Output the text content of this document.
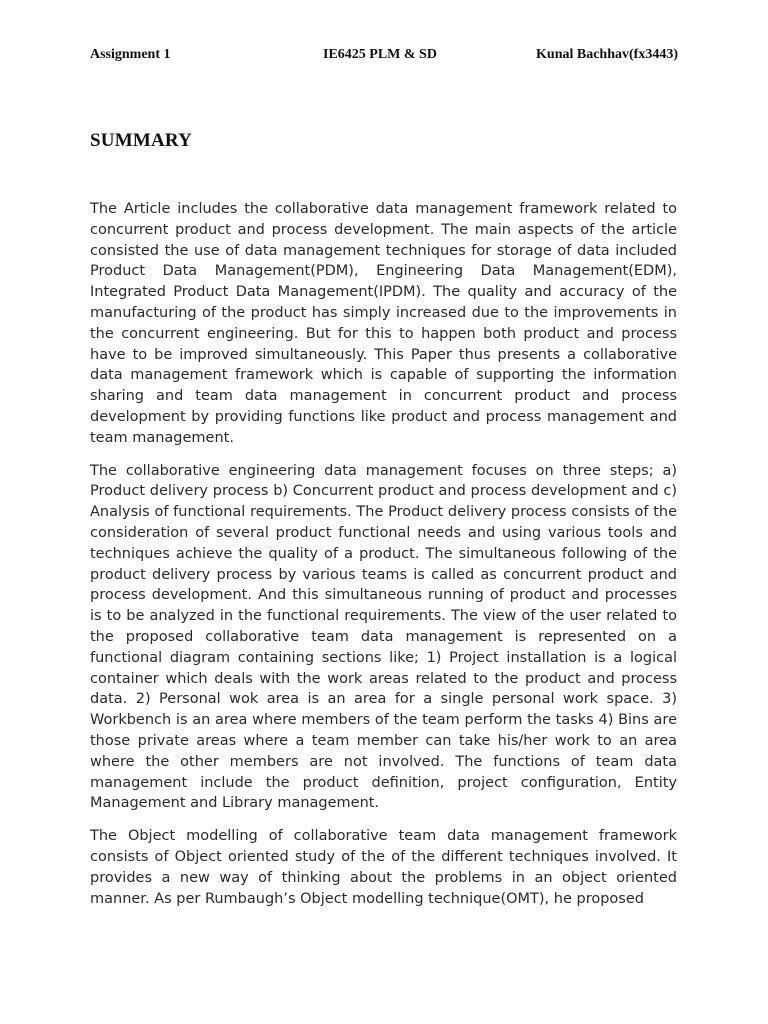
Assignment 1	IE6425 PLM & SD	Kunal Bachhav(fx3443)
SUMMARY

The Article includes the collaborative data management framework related to concurrent product and process development. The main aspects of the article consisted the use of data management techniques for storage of data included Product Data Management(PDM), Engineering Data Management(EDM), Integrated Product Data Management(IPDM). The quality and accuracy of the manufacturing of the product has simply increased due to the improvements in the concurrent engineering. But for this to happen both product and process have to be improved simultaneously. This Paper thus presents a collaborative data management framework which is capable of supporting the information sharing and team data management in concurrent product and process development by providing functions like product and process management and team management.

The collaborative engineering data management focuses on three steps; a) Product delivery process b) Concurrent product and process development and c) Analysis of functional requirements. The Product delivery process consists of the consideration of several product functional needs and using various tools and techniques achieve the quality of a product. The simultaneous following of the product delivery process by various teams is called as concurrent product and process development. And this simultaneous running of product and processes is to be analyzed in the functional requirements. The view of the user related to the proposed collaborative team data management is represented on a functional diagram containing sections like; 1) Project installation is a logical container which deals with the work areas related to the product and process data. 2) Personal wok area is an area for a single personal work space. 3) Workbench is an area where members of the team perform the tasks 4) Bins are those private areas where a team member can take his/her work to an area where the other members are not involved. The functions of team data management include the product definition, project configuration, Entity Management and Library management.

The Object modelling of collaborative team data management framework consists of Object oriented study of the of the different techniques involved. It provides a new way of thinking about the problems in an object oriented manner. As per Rumbaugh’s Object modelling technique(OMT), he proposed
